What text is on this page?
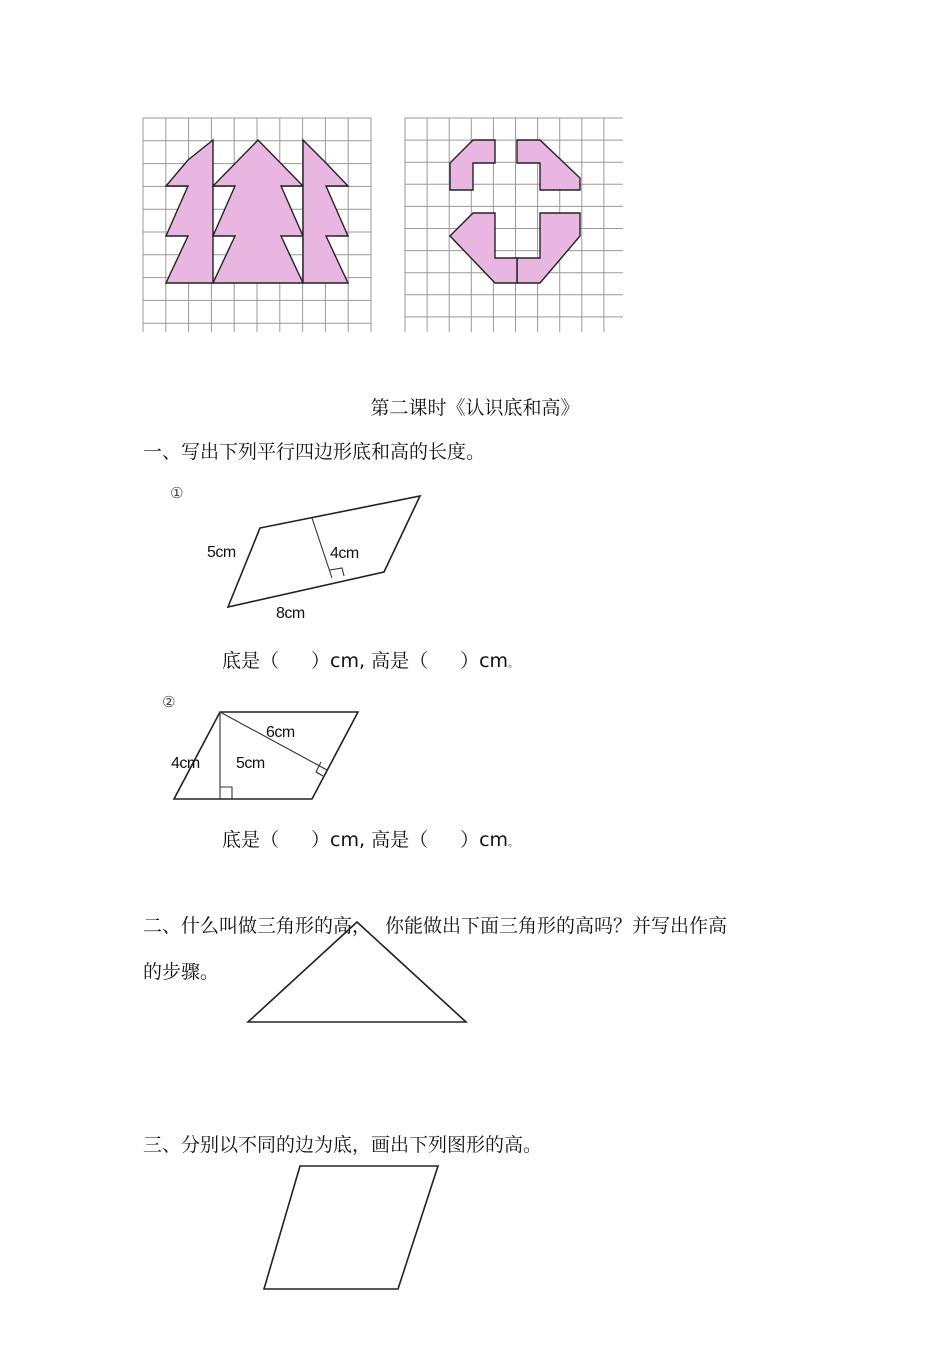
第二课时《认识底和高》
一、写出下列平行四边形底和高的长度。
①
5cm	4cm
8cm
底是（ ）cm, 高是（ ）cm。
②
6cm
4cm 5cm
底是（ ）cm, 高是（ ）cm。
二、什么叫做三角形的高， 你能做出下面三角形的高吗？并写出作高
的步骤。
三、分别以不同的边为底，画出下列图形的高。
